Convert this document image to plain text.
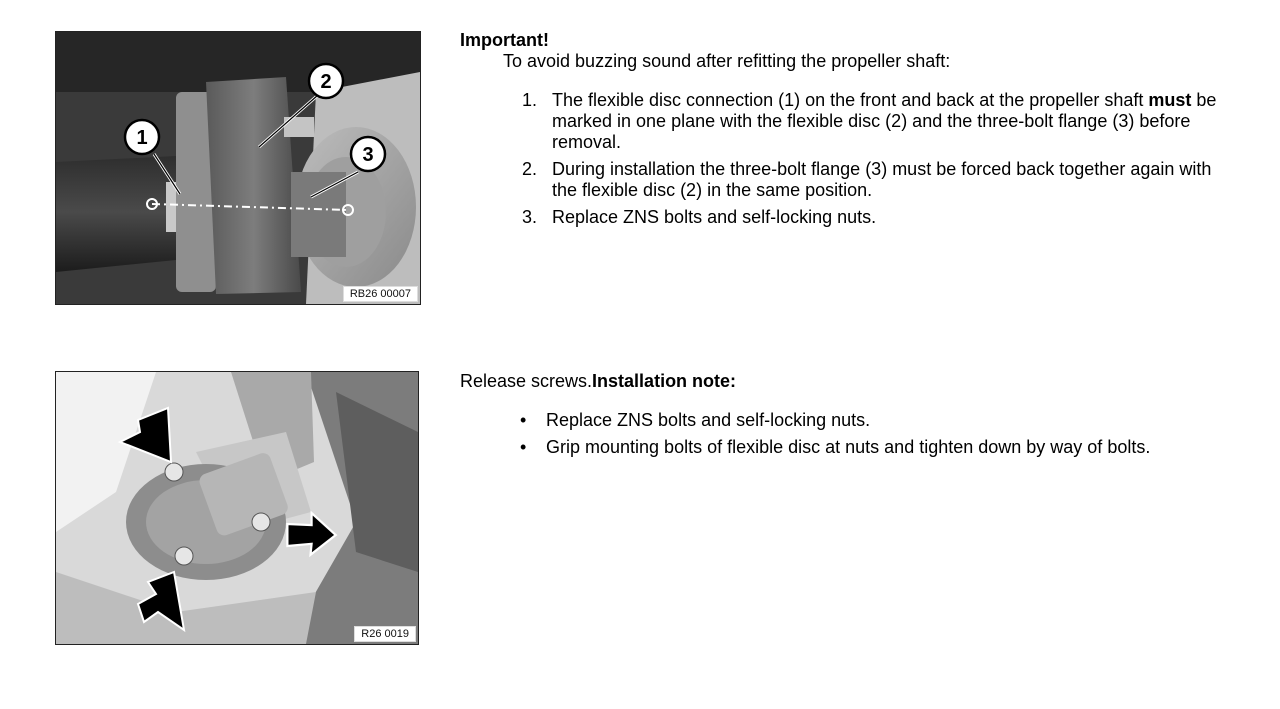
1
2
3
RB26 00007
Important!
To avoid buzzing sound after refitting the propeller shaft:
1. The flexible disc connection (1) on the front and back at the propeller shaft must be marked in one plane with the flexible disc (2) and the three-bolt flange (3) before removal.
2. During installation the three-bolt flange (3) must be forced back together again with the flexible disc (2) in the same position.
3. Replace ZNS bolts and self-locking nuts.
R26 0019
Release screws.Installation note:
• Replace ZNS bolts and self-locking nuts.
• Grip mounting bolts of flexible disc at nuts and tighten down by way of bolts.
